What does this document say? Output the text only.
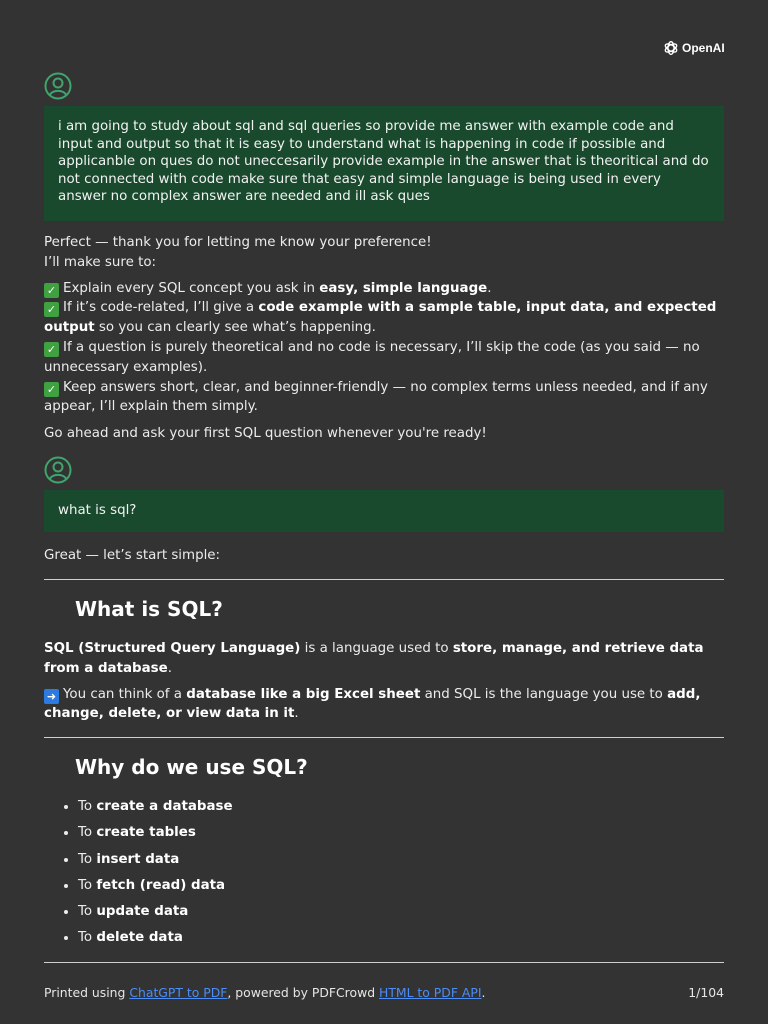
OpenAI
i am going to study about sql and sql queries so provide me answer with example code and input and output so that it is easy to understand what is happening in code if possible and applicanble on ques do not uneccesarily provide example in the answer that is theoritical and do not connected with code make sure that easy and simple language is being used in every answer no complex answer are needed and ill ask ques

Perfect — thank you for letting me know your preference!

I’ll make sure to:

✓ Explain every SQL concept you ask in easy, simple language.

✓ If it’s code-related, I’ll give a code example with a sample table, input data, and expected output so you can clearly see what’s happening.

✓ If a question is purely theoretical and no code is necessary, I’ll skip the code (as you said — no unnecessary examples).

✓ Keep answers short, clear, and beginner-friendly — no complex terms unless needed, and if any appear, I’ll explain them simply.

Go ahead and ask your first SQL question whenever you're ready!

what is sql?

Great — let’s start simple:

What is SQL?

SQL (Structured Query Language) is a language used to store, manage, and retrieve data from a database.

➜ You can think of a database like a big Excel sheet and SQL is the language you use to add, change, delete, or view data in it.

Why do we use SQL?
• To create a database
• To create tables
• To insert data
• To fetch (read) data
• To update data
• To delete data
Printed using ChatGPT to PDF, powered by PDFCrowd HTML to PDF API.	1/104
